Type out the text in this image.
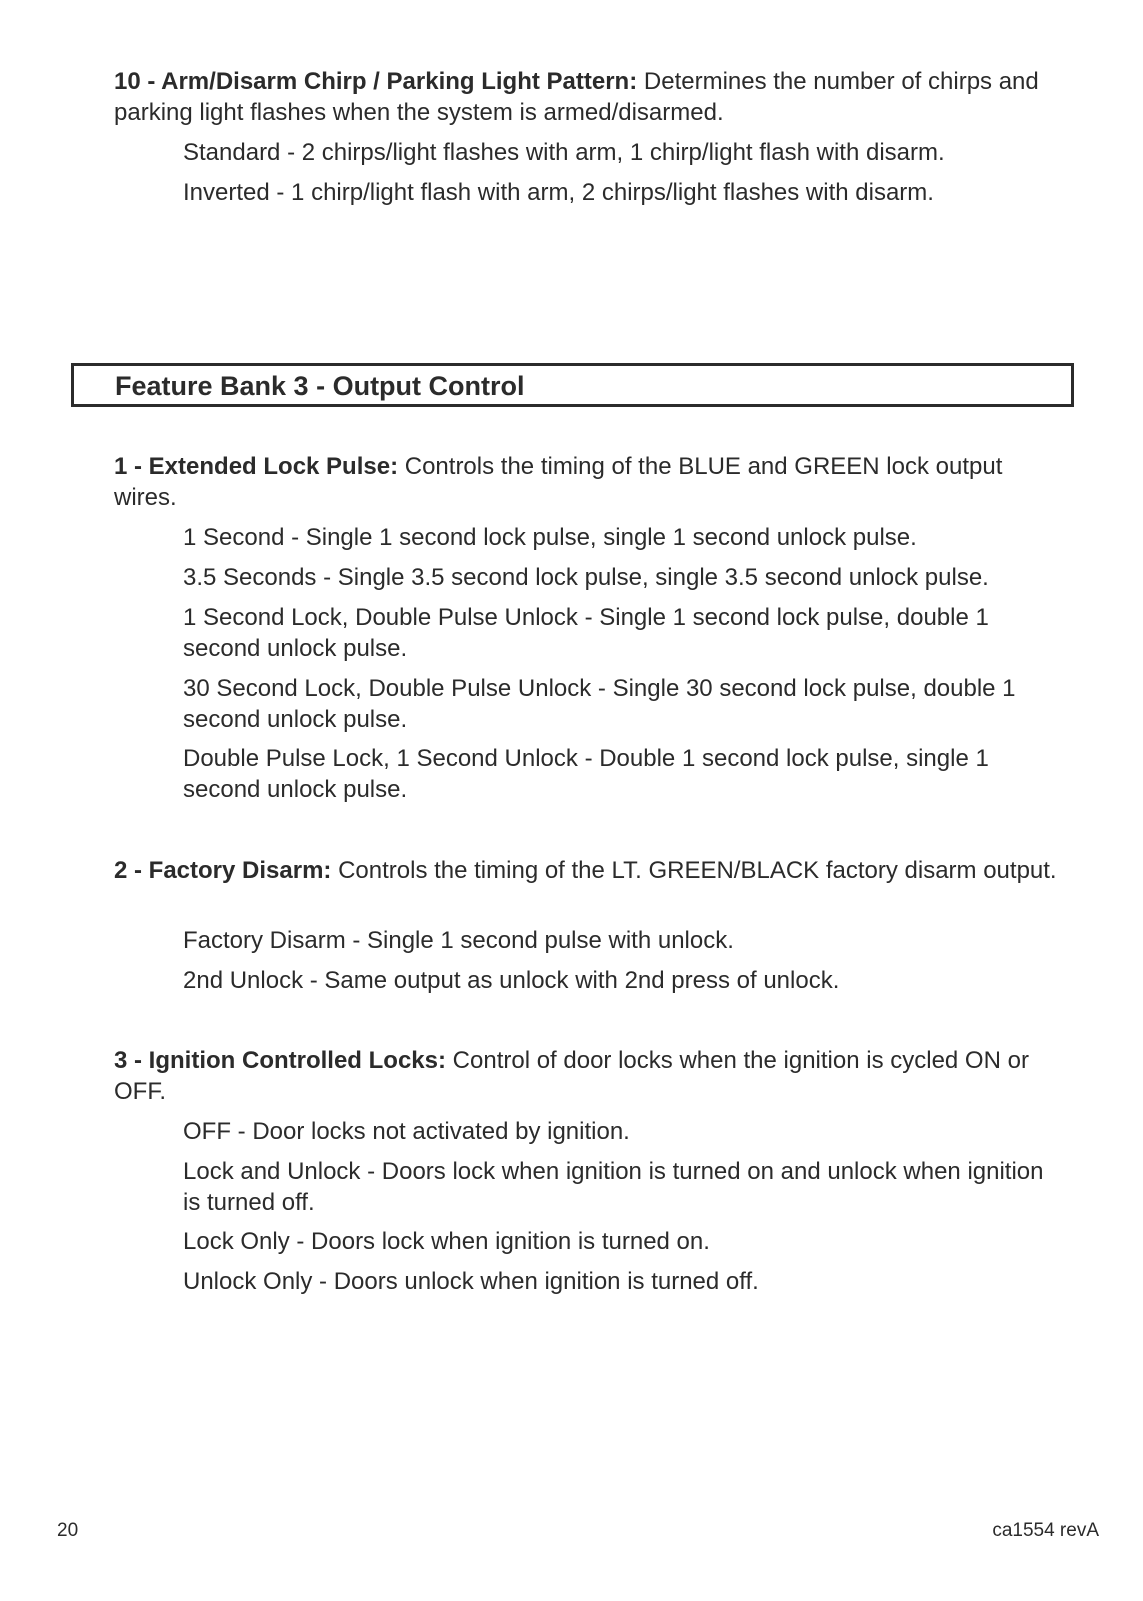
10 - Arm/Disarm Chirp / Parking Light Pattern: Determines the number of chirps and parking light flashes when the system is armed/disarmed.
Standard - 2 chirps/light flashes with arm, 1 chirp/light flash with disarm.
Inverted - 1 chirp/light flash with arm, 2 chirps/light flashes with disarm.
Feature Bank 3 - Output Control
1 - Extended Lock Pulse: Controls the timing of the BLUE and GREEN lock output wires.
1 Second - Single 1 second lock pulse, single 1 second unlock pulse.
3.5 Seconds - Single 3.5 second lock pulse, single 3.5 second unlock pulse.
1 Second Lock, Double Pulse Unlock - Single 1 second lock pulse, double 1 second unlock pulse.
30 Second Lock, Double Pulse Unlock - Single 30 second lock pulse, double 1 second unlock pulse.
Double Pulse Lock, 1 Second Unlock - Double 1 second lock pulse, single 1 second unlock pulse.
2 - Factory Disarm: Controls the timing of the LT. GREEN/BLACK factory disarm output.
Factory Disarm - Single 1 second pulse with unlock.
2nd Unlock - Same output as unlock with 2nd press of unlock.
3 - Ignition Controlled Locks: Control of door locks when the ignition is cycled ON or OFF.
OFF - Door locks not activated by ignition.
Lock and Unlock - Doors lock when ignition is turned on and unlock when ignition is turned off.
Lock Only - Doors lock when ignition is turned on.
Unlock Only - Doors unlock when ignition is turned off.
20	ca1554 revA
